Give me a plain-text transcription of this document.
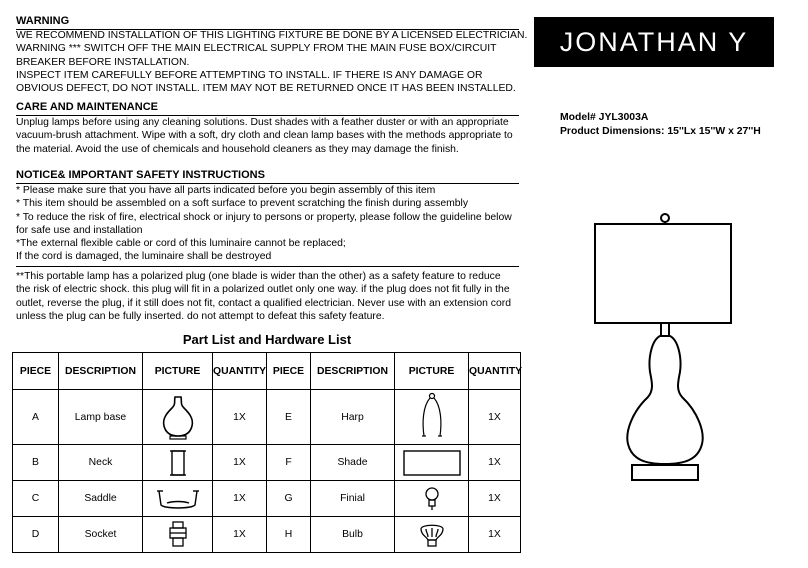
WARNING
WE RECOMMEND INSTALLATION OF THIS LIGHTING FIXTURE BE DONE BY A LICENSED ELECTRICIAN.
WARNING *** SWITCH OFF THE MAIN ELECTRICAL SUPPLY FROM THE MAIN FUSE BOX/CIRCUIT
BREAKER BEFORE INSTALLATION.
INSPECT ITEM CAREFULLY BEFORE ATTEMPTING TO INSTALL. IF THERE IS ANY DAMAGE OR
OBVIOUS DEFECT, DO NOT INSTALL. ITEM MAY NOT BE RETURNED ONCE IT HAS BEEN INSTALLED.
CARE AND MAINTENANCE
Unplug lamps before using any cleaning solutions. Dust shades with a feather duster or with an appropriate
vacuum-brush attachment. Wipe with a soft, dry cloth and clean lamp bases with the methods appropriate to
the material. Avoid the use of chemicals and household cleaners as they may damage the finish.
NOTICE& IMPORTANT SAFETY INSTRUCTIONS
* Please make sure that you have all parts indicated before you begin assembly of this item
* This item should be assembled on a soft surface to prevent scratching the finish during assembly
* To reduce the risk of fire, electrical shock or injury to persons or property, please follow the guideline below
for safe use and installation
*The external flexible cable or cord of this luminaire cannot be replaced;
If the cord is damaged, the luminaire shall be destroyed
**This portable lamp has a polarized plug (one blade is wider than the other) as a safety feature to reduce
the risk of electric shock. this plug will fit in a polarized outlet only one way. if the plug does not fit fully in the
outlet, reverse the plug, if it still does not fit, contact a qualified electrician. Never use with an extension cord
unless the plug can be fully inserted. do not attempt to defeat this safety feature.
JONATHAN Y
Model# JYL3003A
Product Dimensions: 15''Lx 15''W x 27''H
Part List and Hardware List
PIECE	DESCRIPTION	PICTURE	QUANTITY	PIECE	DESCRIPTION	PICTURE	QUANTITY
A	Lamp base		1X	E	Harp		1X
B	Neck		1X	F	Shade		1X
C	Saddle		1X	G	Finial		1X
D	Socket		1X	H	Bulb		1X
